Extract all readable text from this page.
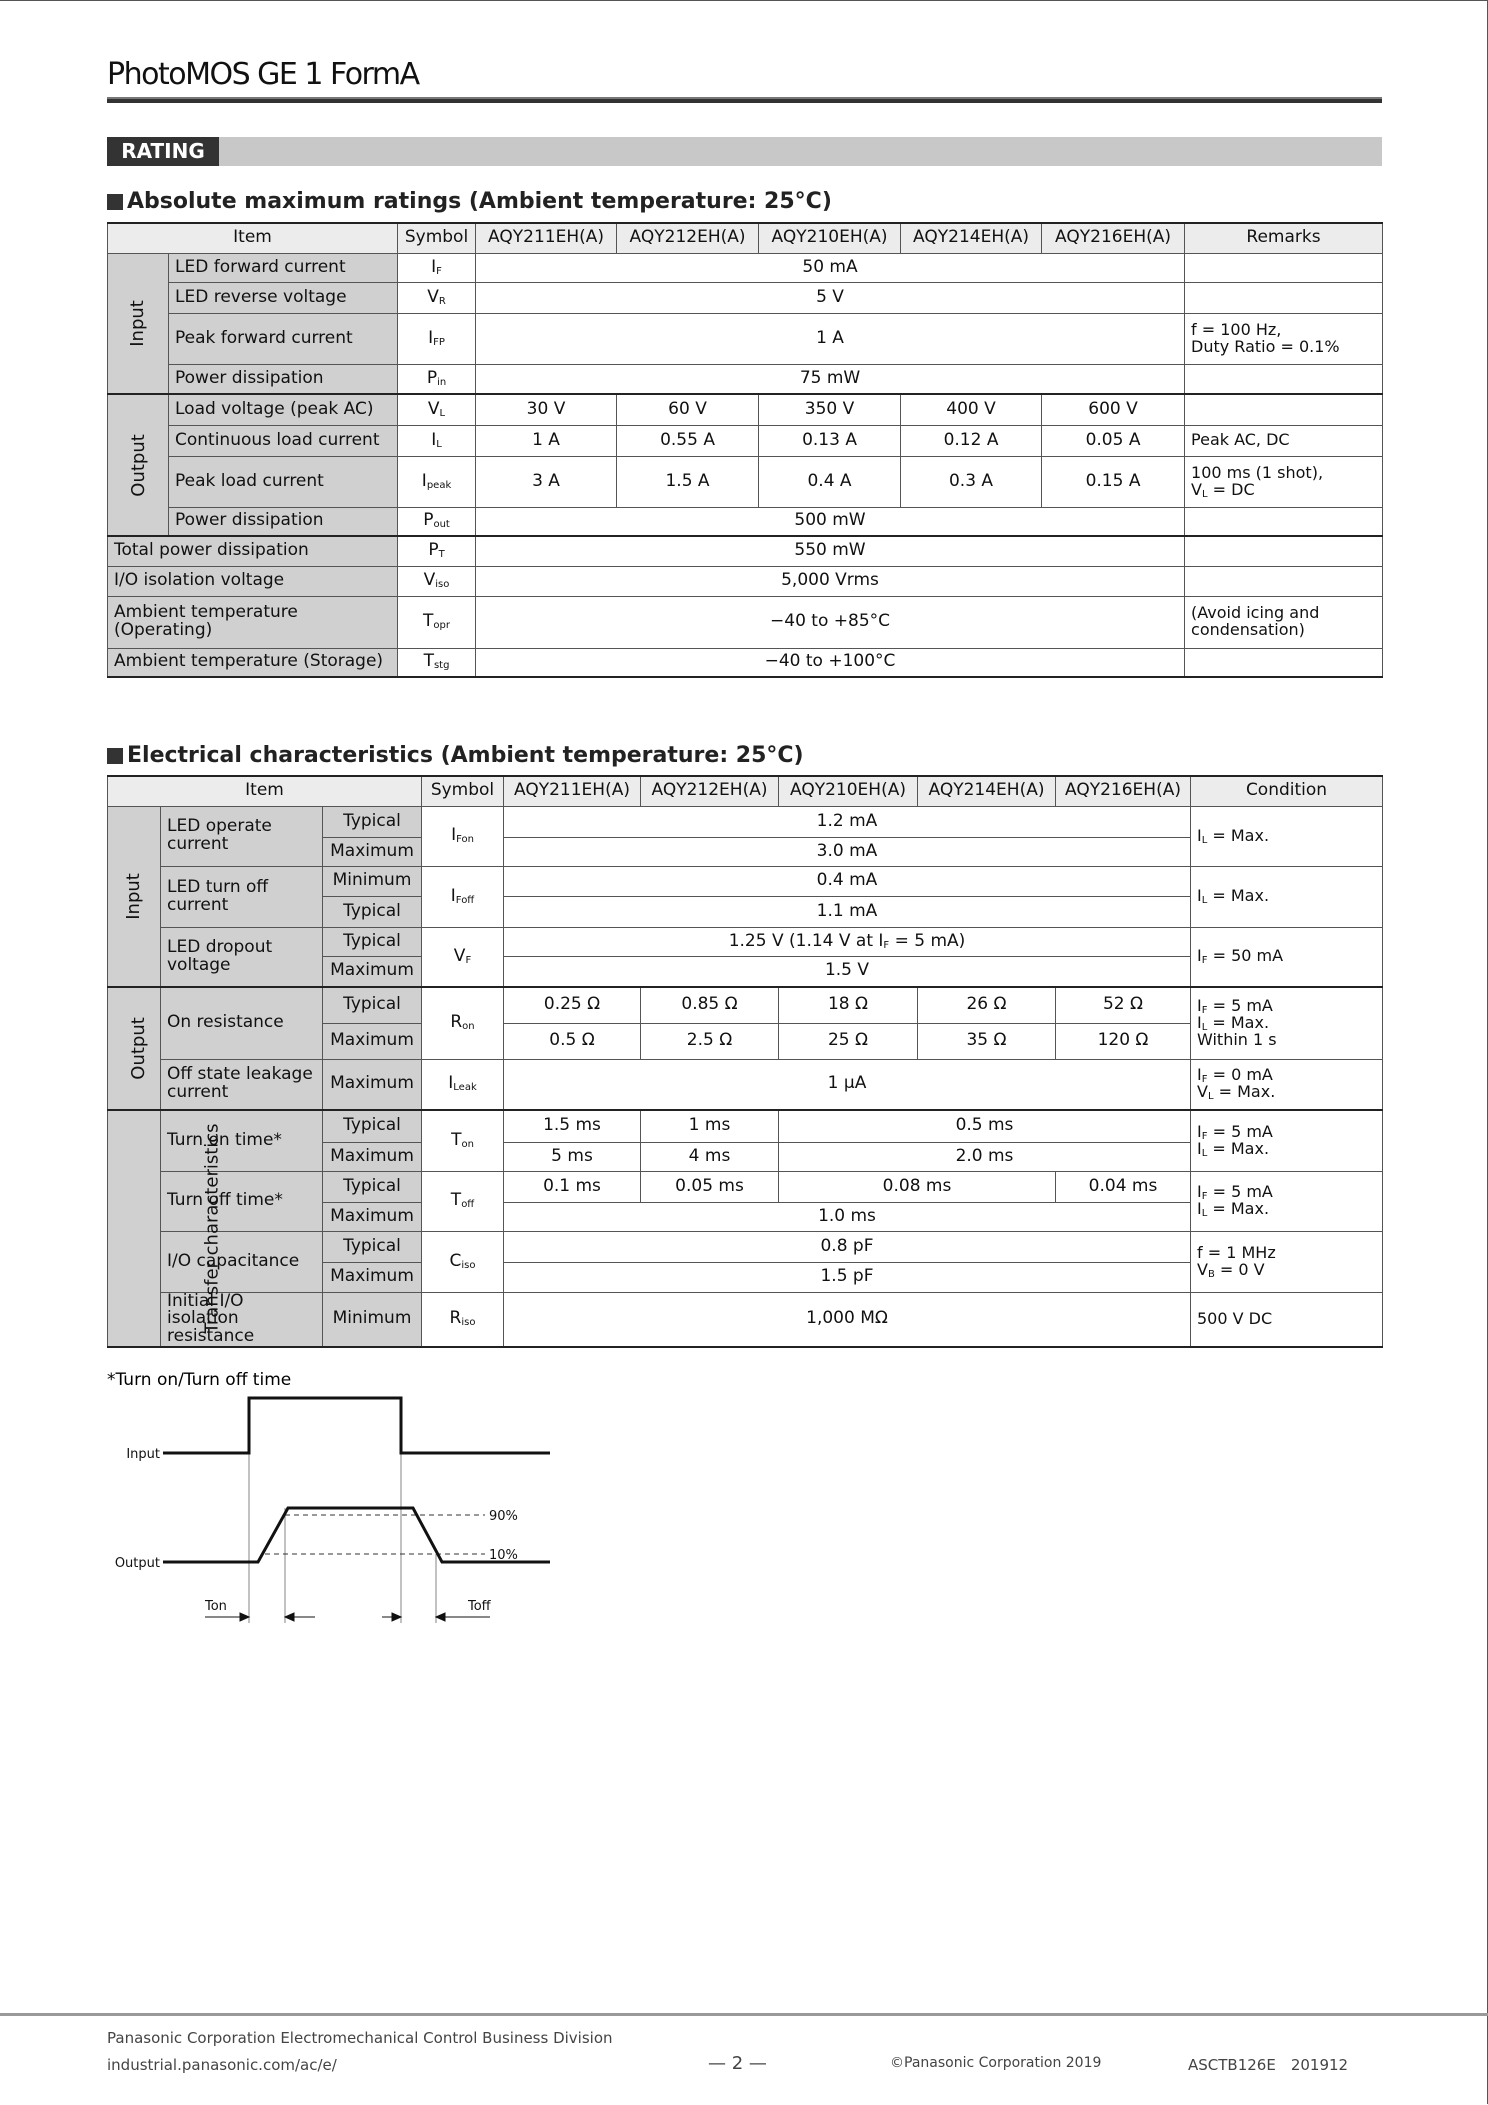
PhotoMOS GE 1 FormA
RATING
Absolute maximum ratings (Ambient temperature: 25°C)
Item		Symbol	AQY211EH(A)	AQY212EH(A)	AQY210EH(A)	AQY214EH(A)	AQY216EH(A)	Remarks
Input	LED forward current	$I_F$	50 mA					
	LED reverse voltage	$V_R$	5 V					
	Peak forward current	$I_{FP}$	1 A					f = 100 Hz,
Duty Ratio = 0.1%
	Power dissipation	$P_{in}$	75 mW					
Output	Load voltage (peak AC)	$V_L$	30 V	60 V	350 V	400 V	600 V	
	Continuous load current	$I_L$	1 A	0.55 A	0.13 A	0.12 A	0.05 A	Peak AC, DC
	Peak load current	$I_{peak}$	3 A	1.5 A	0.4 A	0.3 A	0.15 A	100 ms (1 shot),
$V_L$ = DC
	Power dissipation	$P_{out}$	500 mW					
Total power dissipation		$P_T$	550 mW					
I/O isolation voltage		$V_{iso}$	5,000 Vrms					
Ambient temperature (Operating)		$T_{opr}$	−40 to +85°C					(Avoid icing and
condensation)
Ambient temperature (Storage)		$T_{stg}$	−40 to +100°C					
Electrical characteristics (Ambient temperature: 25°C)
Item			Symbol	AQY211EH(A)	AQY212EH(A)	AQY210EH(A)	AQY214EH(A)	AQY216EH(A)	Condition
Input	LED operate current	Typical	$I_{Fon}$	1.2 mA					$I_L$ = Max.
		Maximum		3.0 mA					
	LED turn off current	Minimum	$I_{Foff}$	0.4 mA					$I_L$ = Max.
		Typical		1.1 mA					
	LED dropout voltage	Typical	$V_F$	1.25 V (1.14 V at $I_F = 5$ mA)					$I_F = 50$ mA
		Maximum		1.5 V					
Output	On resistance	Typical	$R_{on}$	0.25 Ω	0.85 Ω	18 Ω	26 Ω	52 Ω	$I_F = 5$ mA
$I_L$ = Max.
Within 1 s
		Maximum		0.5 Ω	2.5 Ω	25 Ω	35 Ω	120 Ω	
	Off state leakage current	Maximum	$I_{Leak}$	1 μA					$I_F = 0$ mA
$V_L$ = Max.
Transfer characteristics	Turn on time*	Typical	$T_{on}$	1.5 ms	1 ms	0.5 ms			$I_F = 5$ mA
$I_L$ = Max.
		Maximum		5 ms	4 ms	2.0 ms			
	Turn off time*	Typical	$T_{off}$	0.1 ms	0.05 ms	0.08 ms		0.04 ms	$I_F = 5$ mA
$I_L$ = Max.
		Maximum		1.0 ms					
	I/O capacitance	Typical	$C_{iso}$	0.8 pF					f = 1 MHz
$V_B = 0$ V
		Maximum		1.5 pF					
	Initial I/O isolation resistance	Minimum	$R_{iso}$	1,000 MΩ					500 V DC
*Turn on/Turn off time
Input
Output
90%
10%
Ton	Toff
Panasonic Corporation Electromechanical Control Business Division
industrial.panasonic.com/ac/e/	— 2 —	©Panasonic Corporation 2019	ASCTB126E　201912
